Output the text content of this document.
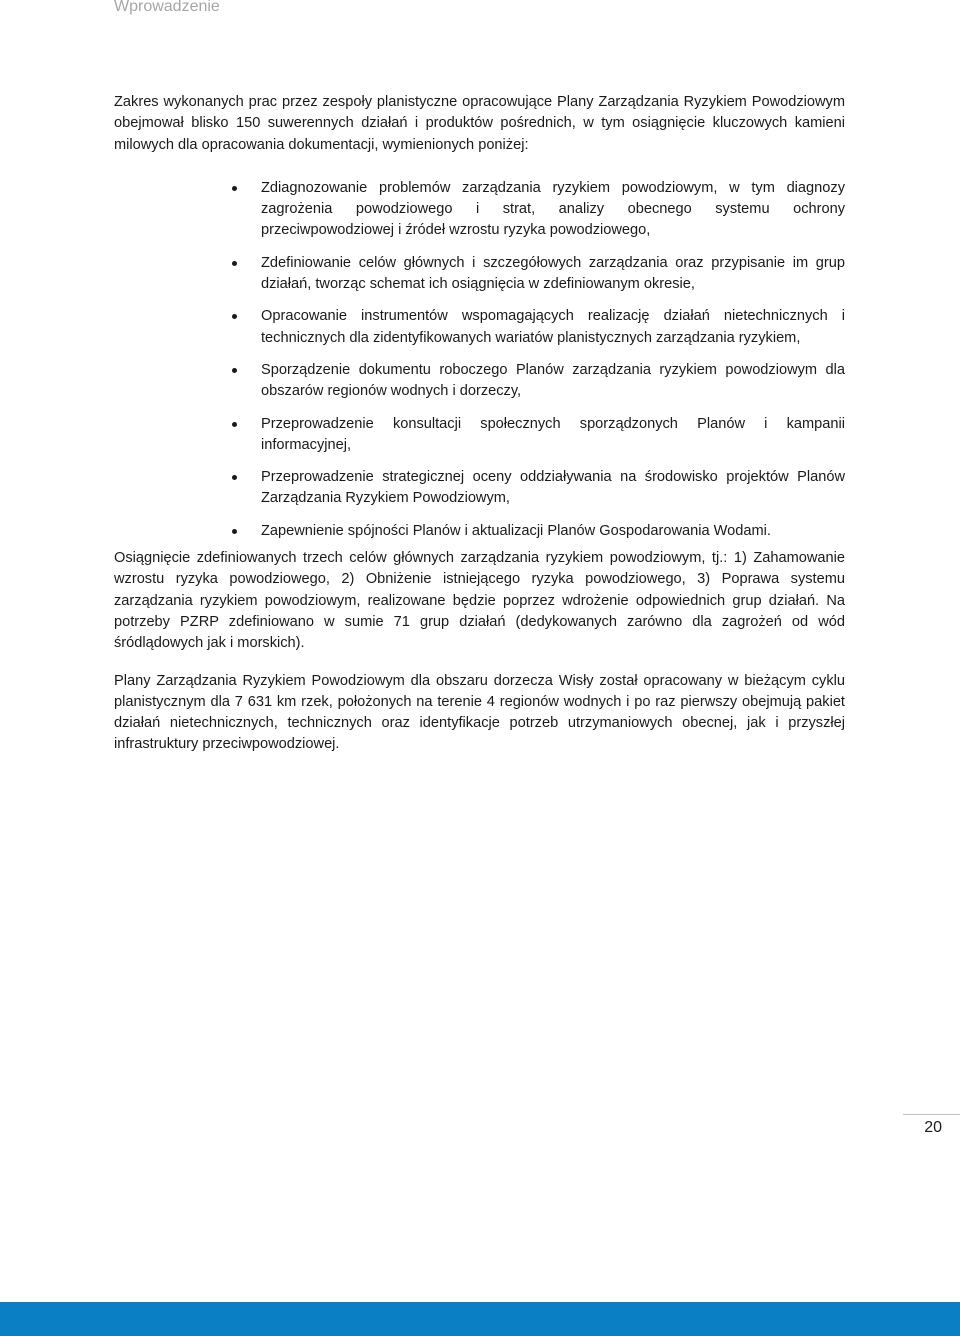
Wprowadzenie

Zakres wykonanych prac przez zespoły planistyczne opracowujące Plany Zarządzania Ryzykiem Powodziowym obejmował blisko 150 suwerennych działań i produktów pośrednich, w tym osiągnięcie kluczowych kamieni milowych dla opracowania dokumentacji, wymienionych poniżej:

Zdiagnozowanie problemów zarządzania ryzykiem powodziowym, w tym diagnozy zagrożenia powodziowego i strat, analizy obecnego systemu ochrony przeciwpowodziowej i źródeł wzrostu ryzyka powodziowego,
Zdefiniowanie celów głównych i szczegółowych zarządzania oraz przypisanie im grup działań, tworząc schemat ich osiągnięcia w zdefiniowanym okresie,
Opracowanie instrumentów wspomagających realizację działań nietechnicznych i technicznych dla zidentyfikowanych wariatów planistycznych zarządzania ryzykiem,
Sporządzenie dokumentu roboczego Planów zarządzania ryzykiem powodziowym dla obszarów regionów wodnych i dorzeczy,
Przeprowadzenie konsultacji społecznych sporządzonych Planów i kampanii informacyjnej,
Przeprowadzenie strategicznej oceny oddziaływania na środowisko projektów Planów Zarządzania Ryzykiem Powodziowym,
Zapewnienie spójności Planów i aktualizacji Planów Gospodarowania Wodami.

Osiągnięcie zdefiniowanych trzech celów głównych zarządzania ryzykiem powodziowym, tj.: 1) Zahamowanie wzrostu ryzyka powodziowego, 2) Obniżenie istniejącego ryzyka powodziowego, 3) Poprawa systemu zarządzania ryzykiem powodziowym, realizowane będzie poprzez wdrożenie odpowiednich grup działań. Na potrzeby PZRP zdefiniowano w sumie 71 grup działań (dedykowanych zarówno dla zagrożeń od wód śródlądowych jak i morskich).

Plany Zarządzania Ryzykiem Powodziowym dla obszaru dorzecza Wisły został opracowany w bieżącym cyklu planistycznym dla 7 631 km rzek, położonych na terenie 4 regionów wodnych i po raz pierwszy obejmują pakiet działań nietechnicznych, technicznych oraz identyfikacje potrzeb utrzymaniowych obecnej, jak i przyszłej infrastruktury przeciwpowodziowej.

20
